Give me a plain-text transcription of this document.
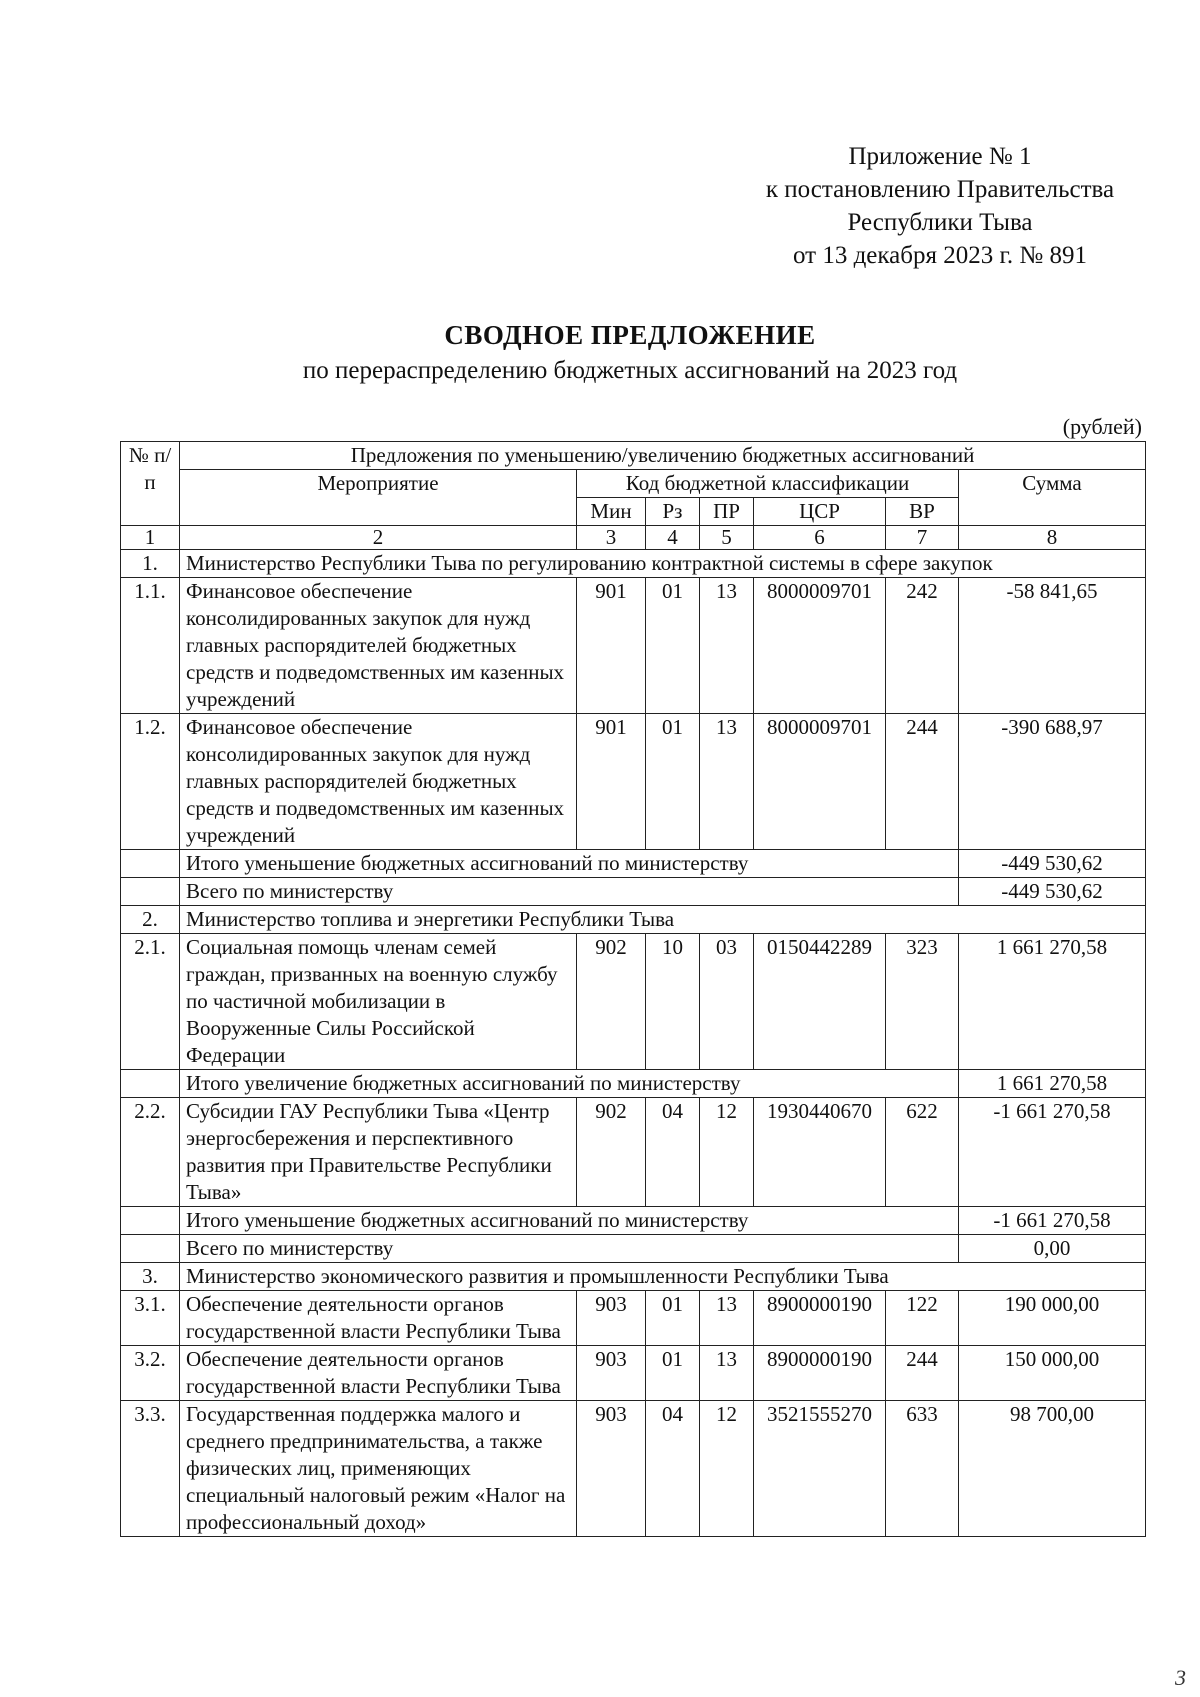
Приложение № 1
к постановлению Правительства
Республики Тыва
от 13 декабря 2023 г. № 891
СВОДНОЕ ПРЕДЛОЖЕНИЕ
по перераспределению бюджетных ассигнований на 2023 год
(рублей)
№ п/п	Предложения по уменьшению/увеличению бюджетных ассигнований						
	Мероприятие	Код бюджетной классификации					Сумма
		Мин	Рз	ПР	ЦСР	ВР	
1	2	3	4	5	6	7	8
1.	Министерство Республики Тыва по регулированию контрактной системы в сфере закупок						
1.1.	Финансовое обеспечение консолидированных закупок для нужд главных распорядителей бюджетных средств и подведомственных им казенных учреждений	901	01	13	8000009701	242	-58 841,65
1.2.	Финансовое обеспечение консолидированных закупок для нужд главных распорядителей бюджетных средств и подведомственных им казенных учреждений	901	01	13	8000009701	244	-390 688,97
	Итого уменьшение бюджетных ассигнований по министерству						-449 530,62
	Всего по министерству						-449 530,62
2.	Министерство топлива и энергетики Республики Тыва						
2.1.	Социальная помощь членам семей граждан, призванных на военную службу по частичной мобилизации в Вооруженные Силы Российской Федерации	902	10	03	0150442289	323	1 661 270,58
	Итого увеличение бюджетных ассигнований по министерству						1 661 270,58
2.2.	Субсидии ГАУ Республики Тыва «Центр энергосбережения и перспективного развития при Правительстве Республики Тыва»	902	04	12	1930440670	622	-1 661 270,58
	Итого уменьшение бюджетных ассигнований по министерству						-1 661 270,58
	Всего по министерству						0,00
3.	Министерство экономического развития и промышленности Республики Тыва						
3.1.	Обеспечение деятельности органов государственной власти Республики Тыва	903	01	13	8900000190	122	190 000,00
3.2.	Обеспечение деятельности органов государственной власти Республики Тыва	903	01	13	8900000190	244	150 000,00
3.3.	Государственная поддержка малого и среднего предпринимательства, а также физических лиц, применяющих специальный налоговый режим «Налог на профессиональный доход»	903	04	12	3521555270	633	98 700,00
3
